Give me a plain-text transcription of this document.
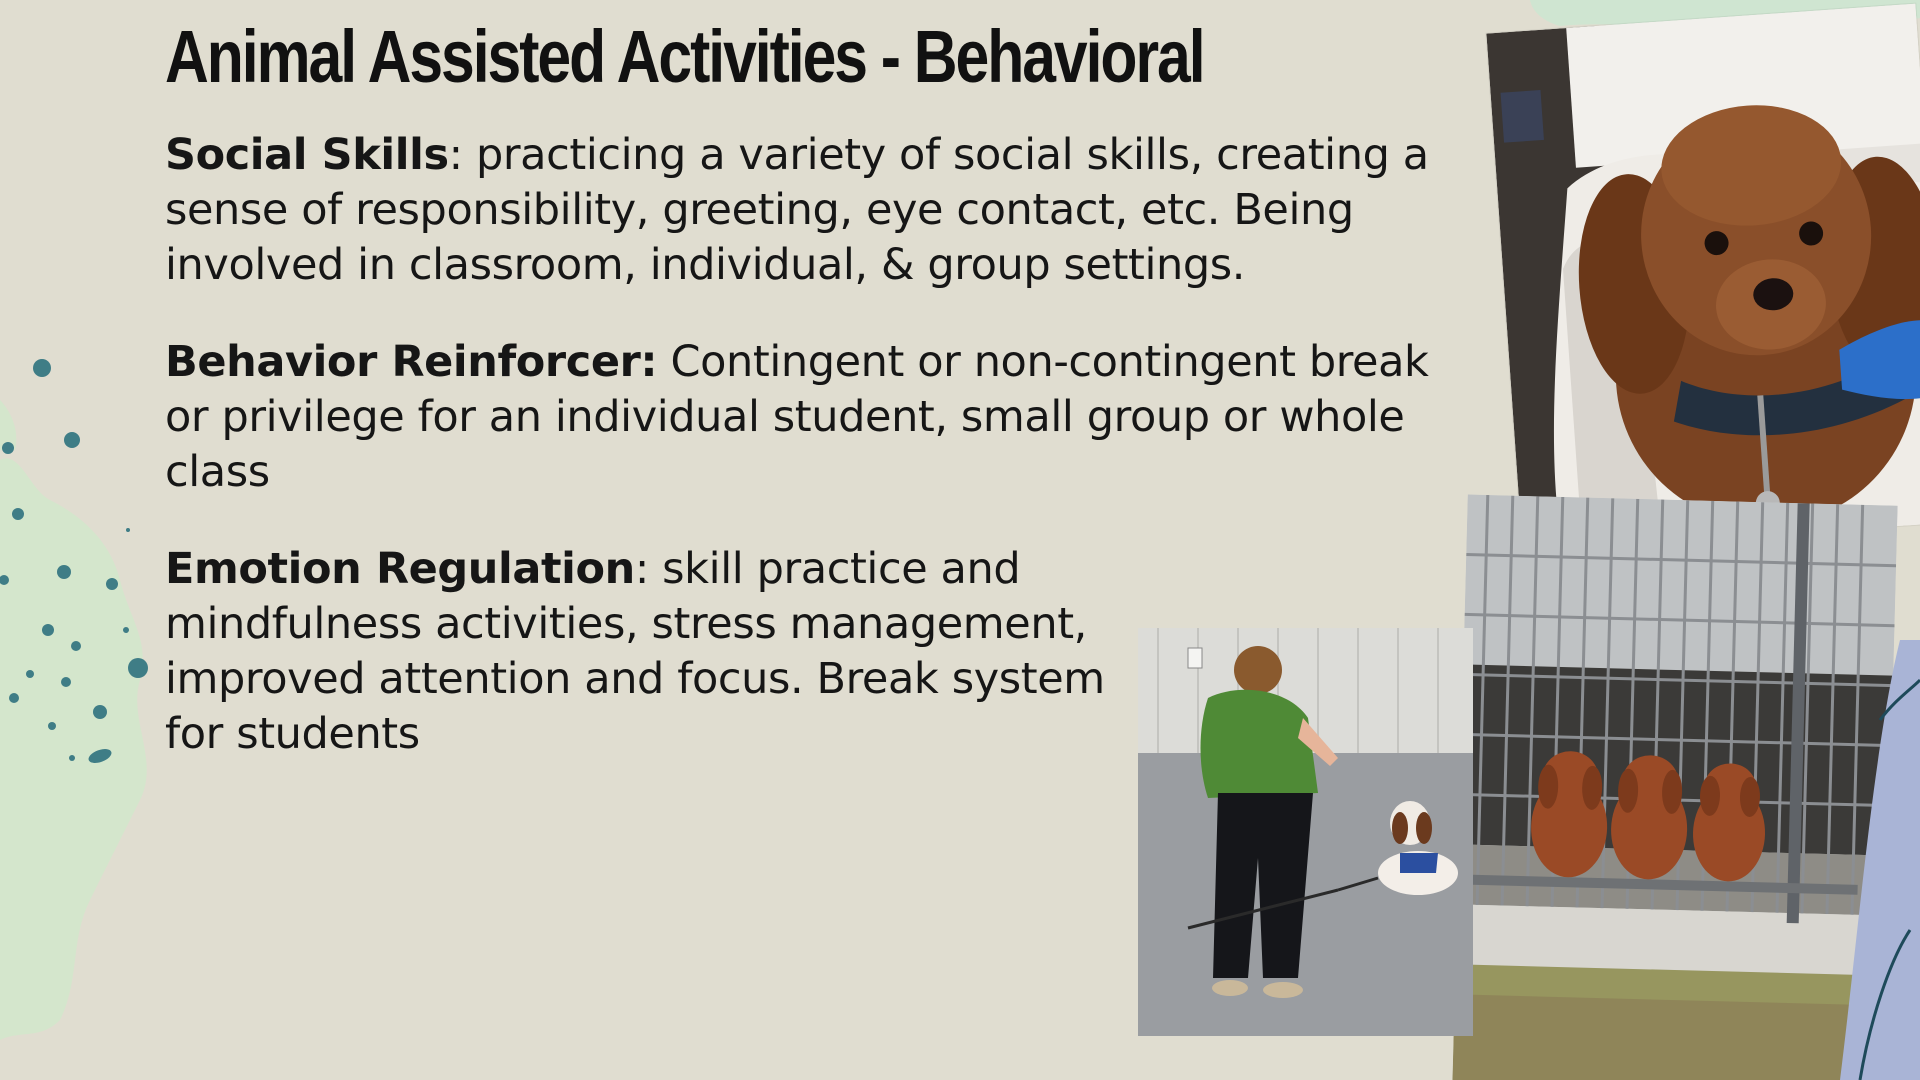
Animal Assisted Activities - Behavioral

Social Skills: practicing a variety of social skills, creating a sense of responsibility, greeting, eye contact, etc. Being involved in classroom, individual, & group settings.

Behavior Reinforcer: Contingent or non-contingent break or privilege for an individual student, small group or whole class

Emotion Regulation: skill practice and mindfulness activities, stress management, improved attention and focus. Break system for students
